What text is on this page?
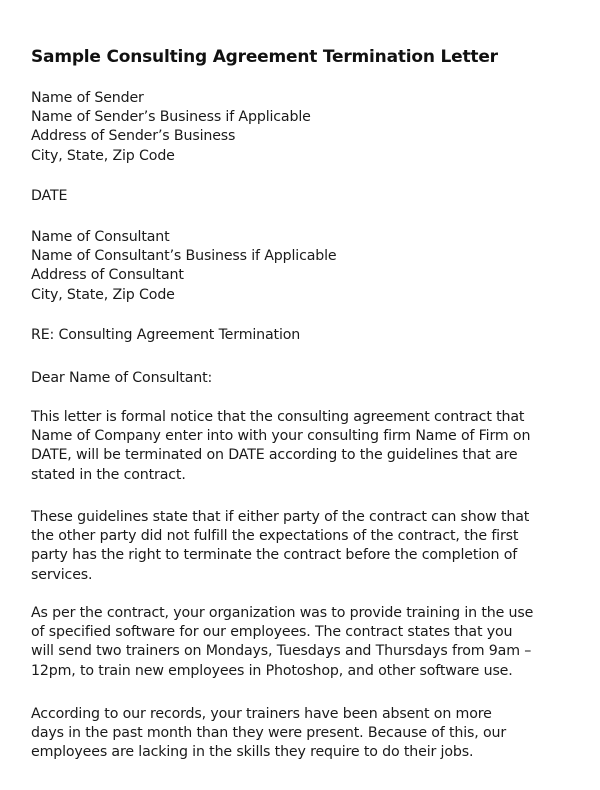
Sample Consulting Agreement Termination Letter
Name of Sender
Name of Sender’s Business if Applicable
Address of Sender’s Business
City, State, Zip Code
DATE
Name of Consultant
Name of Consultant’s Business if Applicable
Address of Consultant
City, State, Zip Code
RE: Consulting Agreement Termination
Dear Name of Consultant:
This letter is formal notice that the consulting agreement contract that
Name of Company enter into with your consulting firm Name of Firm on
DATE, will be terminated on DATE according to the guidelines that are
stated in the contract.
These guidelines state that if either party of the contract can show that
the other party did not fulfill the expectations of the contract, the first
party has the right to terminate the contract before the completion of
services.
As per the contract, your organization was to provide training in the use
of specified software for our employees. The contract states that you
will send two trainers on Mondays, Tuesdays and Thursdays from 9am –
12pm, to train new employees in Photoshop, and other software use.
According to our records, your trainers have been absent on more
days in the past month than they were present. Because of this, our
employees are lacking in the skills they require to do their jobs.
